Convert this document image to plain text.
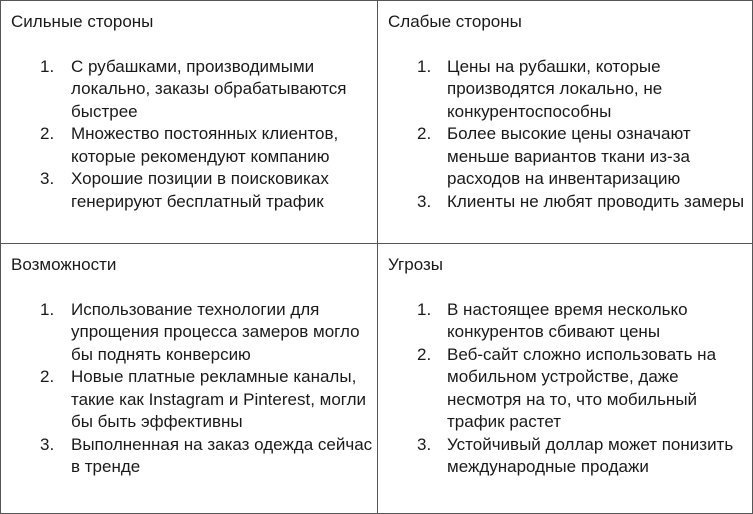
Сильные стороны

1. С рубашками, производимыми локально, заказы обрабатываются быстрее
2. Множество постоянных клиентов, которые рекомендуют компанию
3. Хорошие позиции в поисковиках генерируют бесплатный трафик

Слабые стороны

1. Цены на рубашки, которые производятся локально, не конкурентоспособны
2. Более высокие цены означают меньше вариантов ткани из-за расходов на инвентаризацию
3. Клиенты не любят проводить замеры

Возможности

1. Использование технологии для упрощения процесса замеров могло бы поднять конверсию
2. Новые платные рекламные каналы, такие как Instagram и Pinterest, могли бы быть эффективны
3. Выполненная на заказ одежда сейчас в тренде

Угрозы

1. В настоящее время несколько конкурентов сбивают цены
2. Веб-сайт сложно использовать на мобильном устройстве, даже несмотря на то, что мобильный трафик растет
3. Устойчивый доллар может понизить международные продажи
